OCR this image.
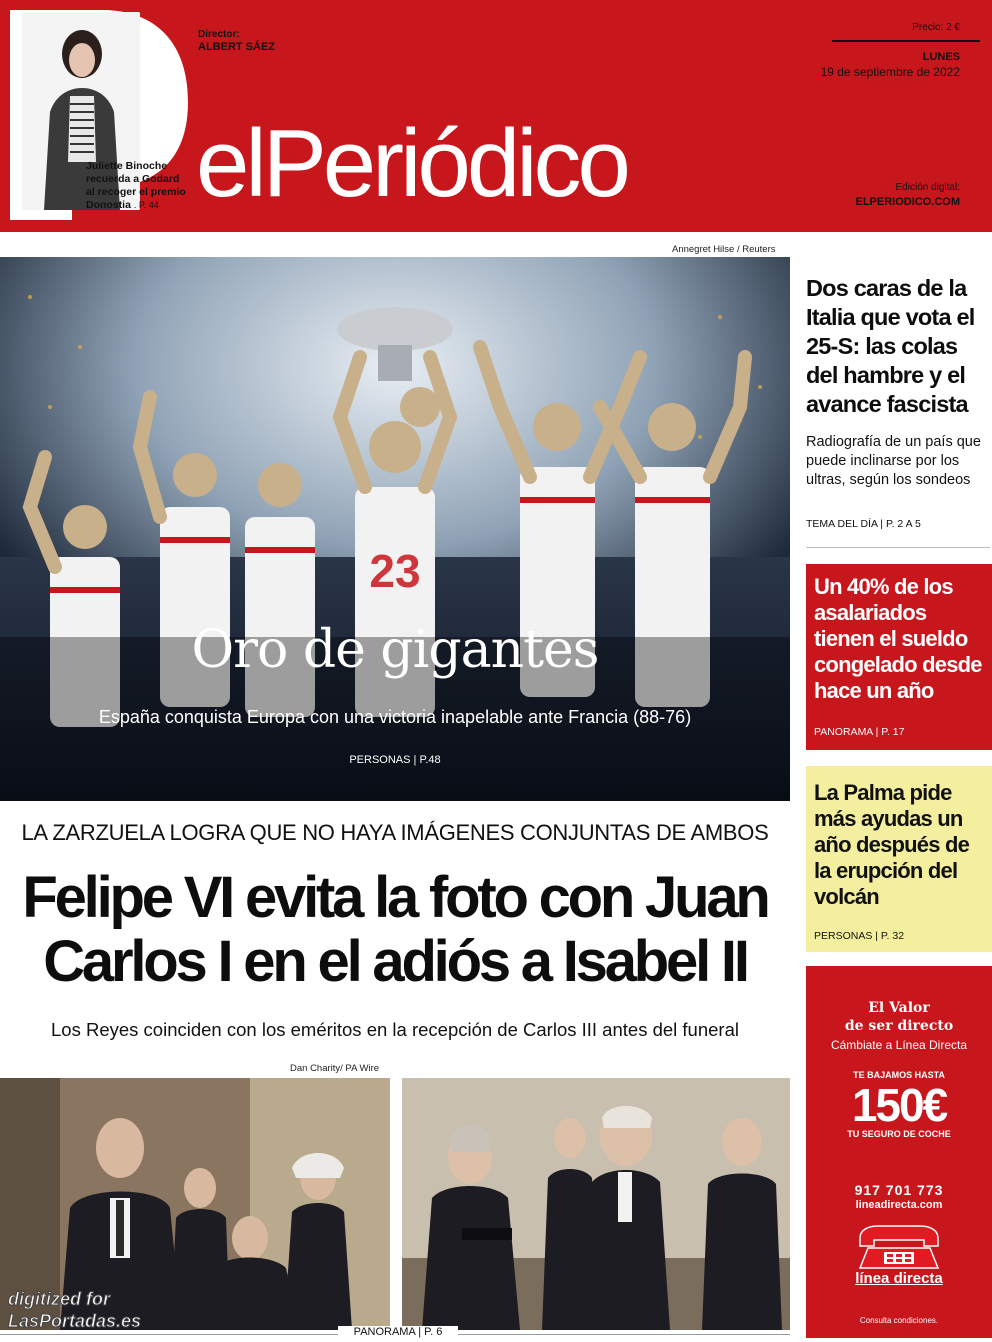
Juliette Binoche recuerda a Godard al recoger el premio Donostia . P. 44
Director:
ALBERT SÁEZ
elPeriódico
Precio: 2 €
LUNES
19 de septiembre de 2022
Edición digital:
ELPERIODICO.COM
Annegret Hilse / Reuters
23
Oro de gigantes
España conquista Europa con una victoria inapelable ante Francia (88-76)
PERSONAS | P.48
LA ZARZUELA LOGRA QUE NO HAYA IMÁGENES CONJUNTAS DE AMBOS
Felipe VI evita la foto con Juan
Carlos I en el adiós a Isabel II
Los Reyes coinciden con los eméritos en la recepción de Carlos III antes del funeral
Dan Charity/ PA Wire
PANORAMA | P. 6
digitized for
LasPortadas.es
Dos caras de la Italia que vota el 25-S: las colas del hambre y el avance fascista

Radiografía de un país que puede inclinarse por los ultras, según los sondeos

TEMA DEL DÍA | P. 2 A 5
Un 40% de los asalariados tienen el sueldo congelado desde hace un año
PANORAMA | P. 17
La Palma pide más ayudas un año después de la erupción del volcán
PERSONAS | P. 32
El Valor
de ser directo
Cámbiate a Línea Directa
TE BAJAMOS HASTA
150€
TU SEGURO DE COCHE
917 701 773
lineadirecta.com
línea directa
Consulta condiciones.
